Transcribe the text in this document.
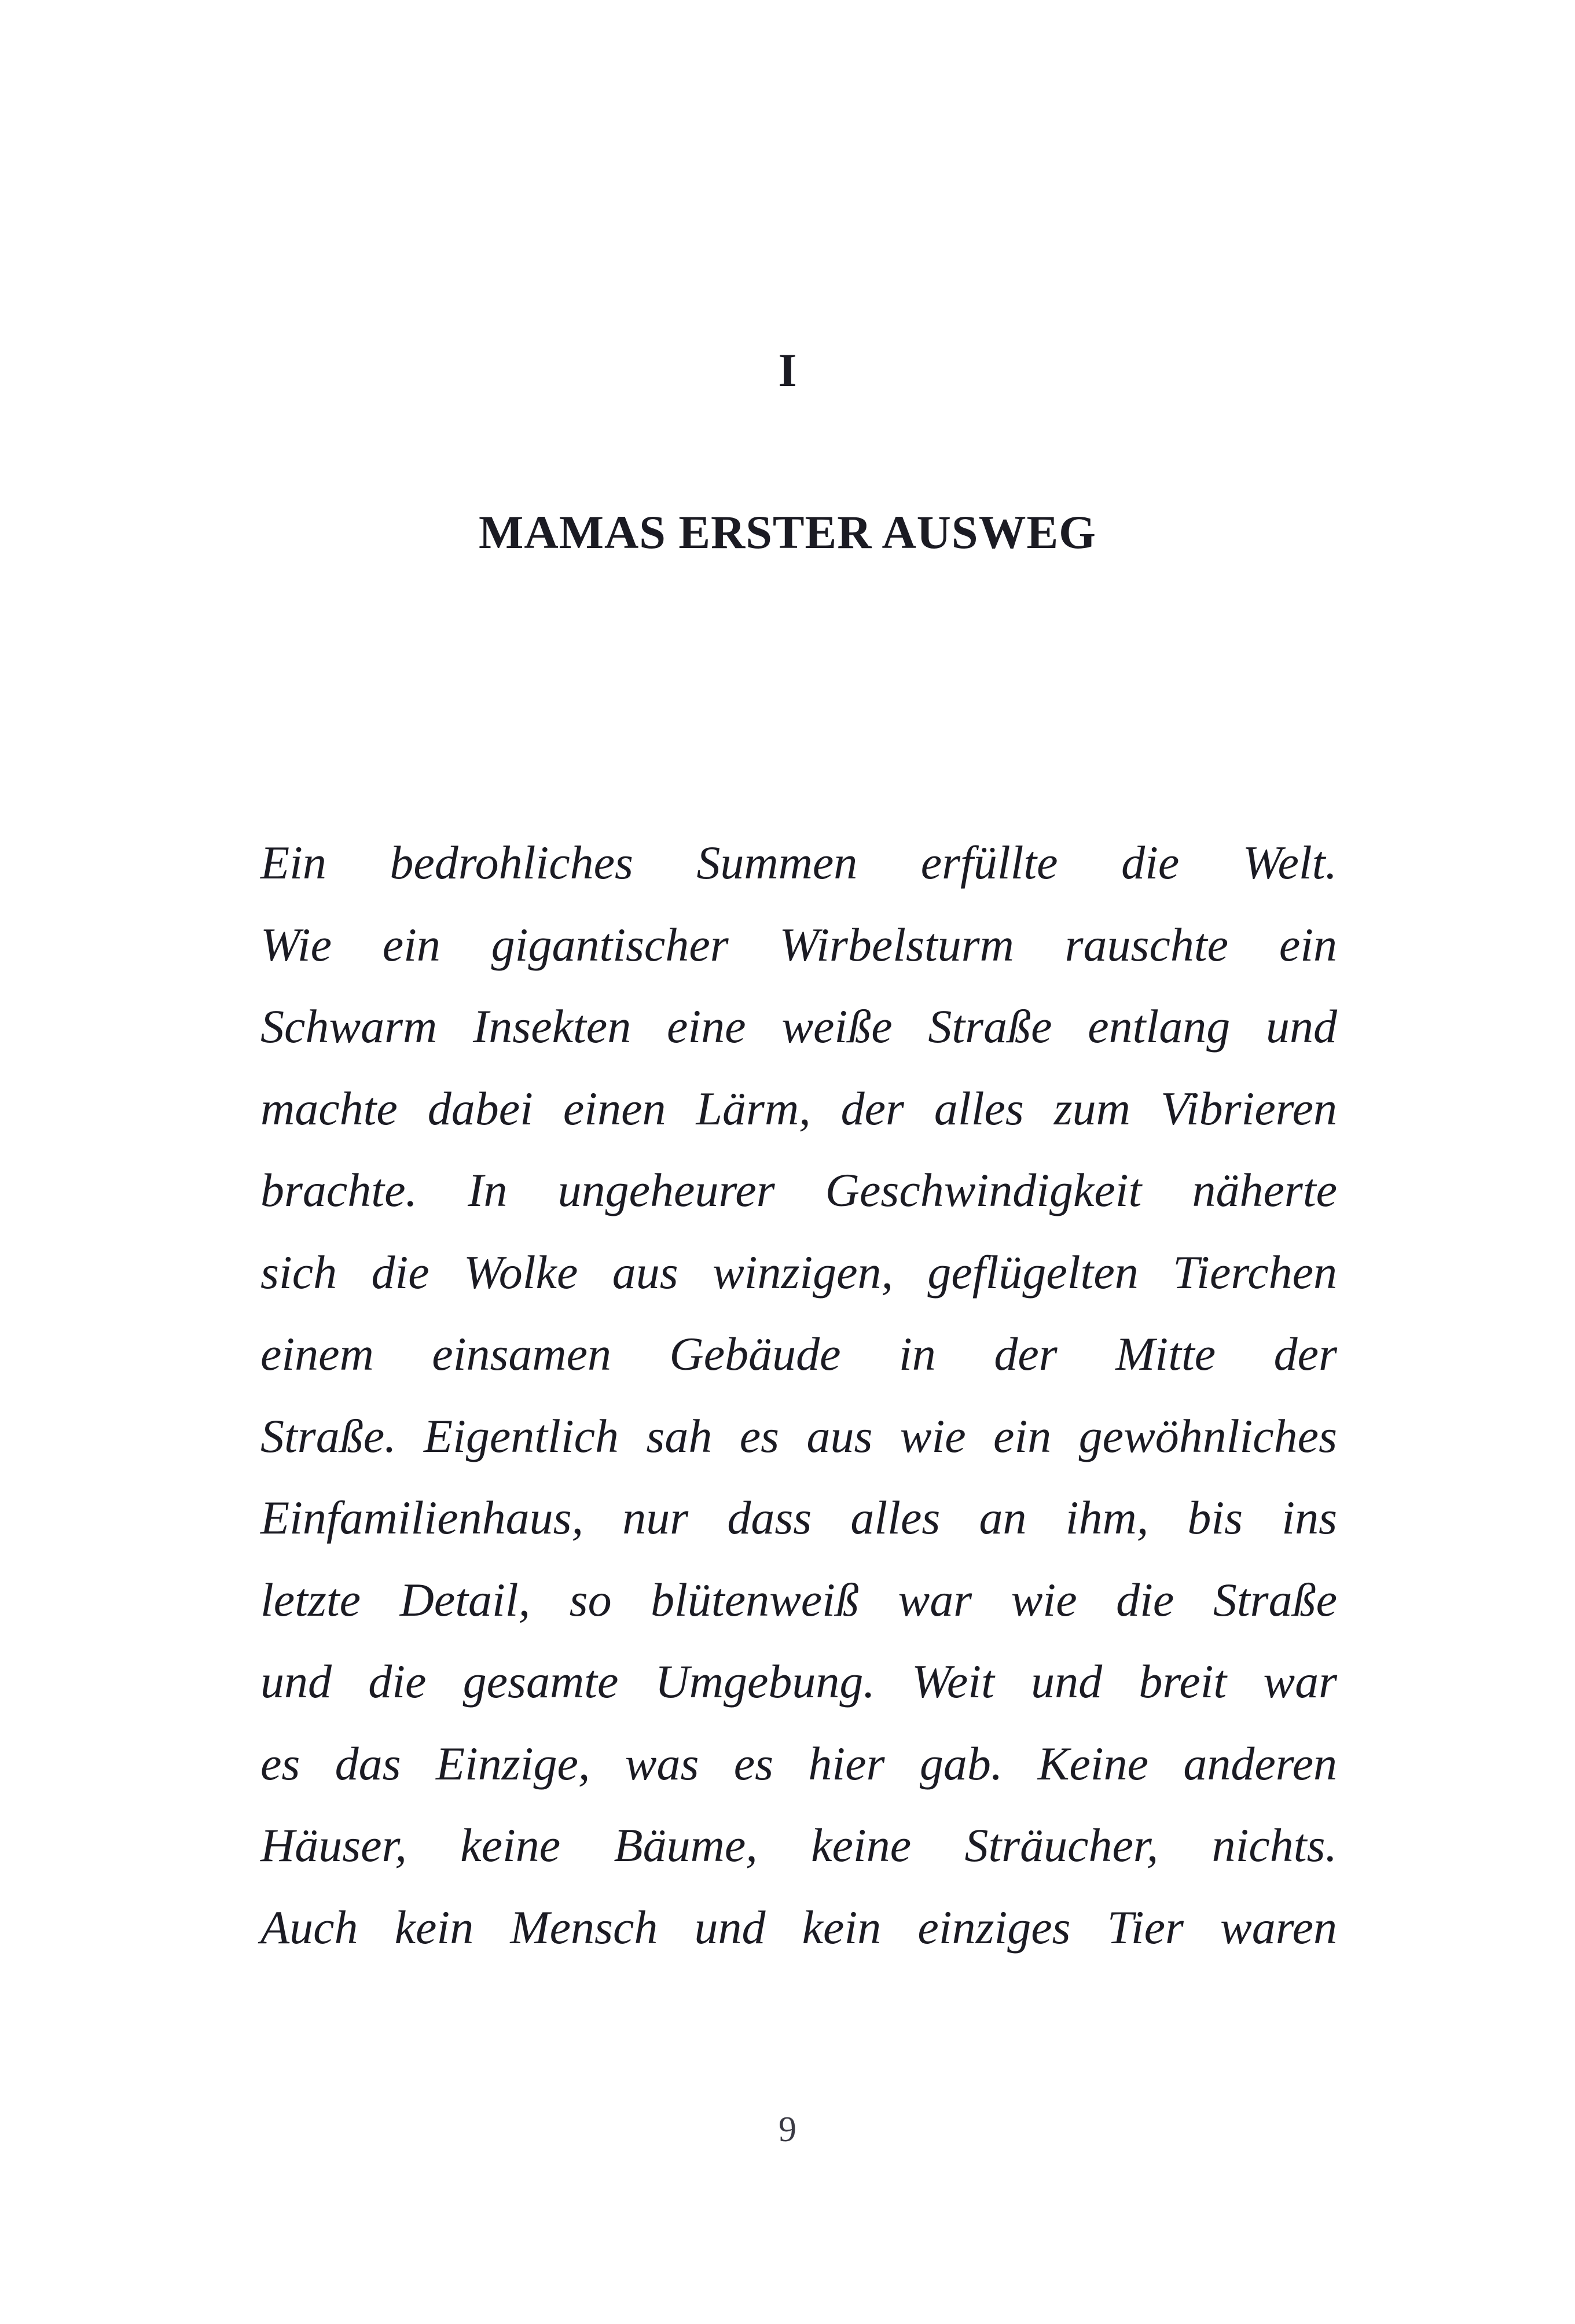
I
MAMAS ERSTER AUSWEG
Ein bedrohliches Summen erfüllte die Welt.
Wie ein gigantischer Wirbelsturm rauschte ein
Schwarm Insekten eine weiße Straße entlang und
machte dabei einen Lärm, der alles zum Vibrieren
brachte. In ungeheurer Geschwindigkeit näherte
sich die Wolke aus winzigen, geflügelten Tierchen
einem einsamen Gebäude in der Mitte der
Straße. Eigentlich sah es aus wie ein gewöhnliches
Einfamilienhaus, nur dass alles an ihm, bis ins
letzte Detail, so blütenweiß war wie die Straße
und die gesamte Umgebung. Weit und breit war
es das Einzige, was es hier gab. Keine anderen
Häuser, keine Bäume, keine Sträucher, nichts.
Auch kein Mensch und kein einziges Tier waren
9
